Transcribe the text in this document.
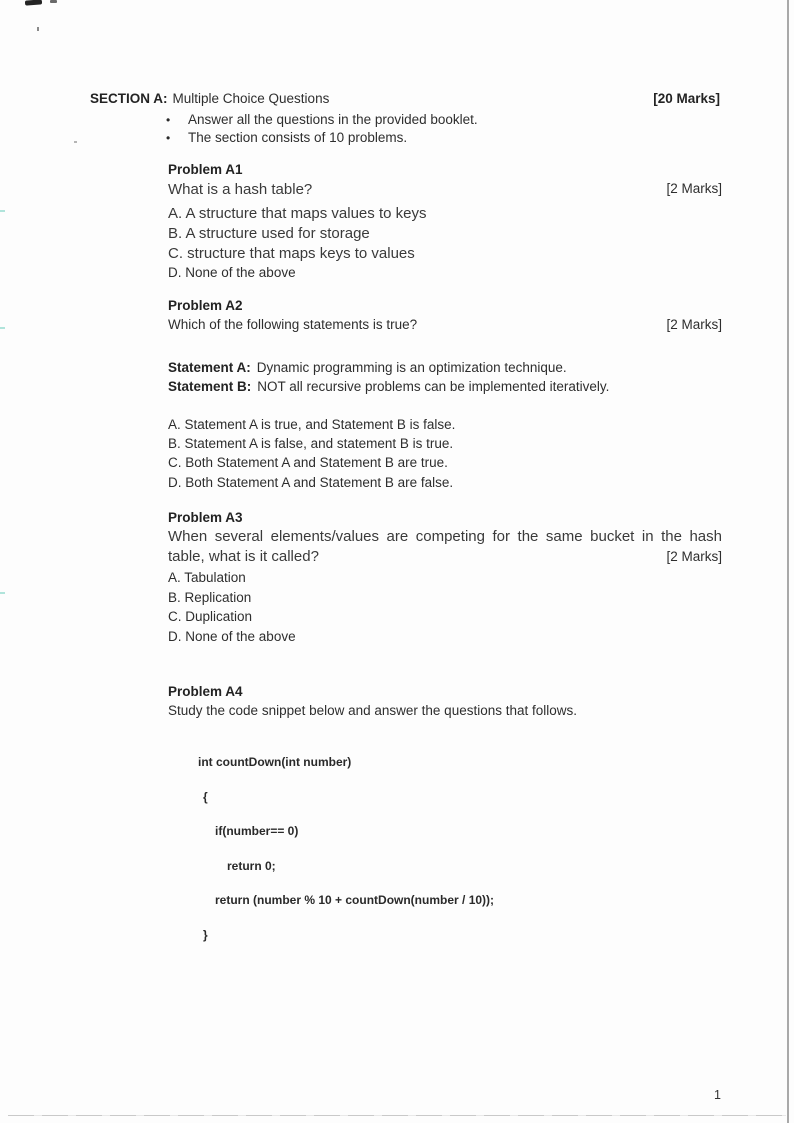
SECTION A: Multiple Choice Questions	[20 Marks]
•	Answer all the questions in the provided booklet.
•	The section consists of 10 problems.
Problem A1
What is a hash table?	[2 Marks]
A. A structure that maps values to keys
B. A structure used for storage
C. structure that maps keys to values
D. None of the above
Problem A2
Which of the following statements is true?	[2 Marks]
Statement A: Dynamic programming is an optimization technique.
Statement B: NOT all recursive problems can be implemented iteratively.
A. Statement A is true, and Statement B is false.
B. Statement A is false, and statement B is true.
C. Both Statement A and Statement B are true.
D. Both Statement A and Statement B are false.
Problem A3
When several elements/values are competing for the same bucket in the hash table, what is it called?	[2 Marks]
A. Tabulation
B. Replication
C. Duplication
D. None of the above
Problem A4
Study the code snippet below and answer the questions that follows.
int countDown(int number)
{
if(number== 0)
return 0;
return (number % 10 + countDown(number / 10));
}
1
